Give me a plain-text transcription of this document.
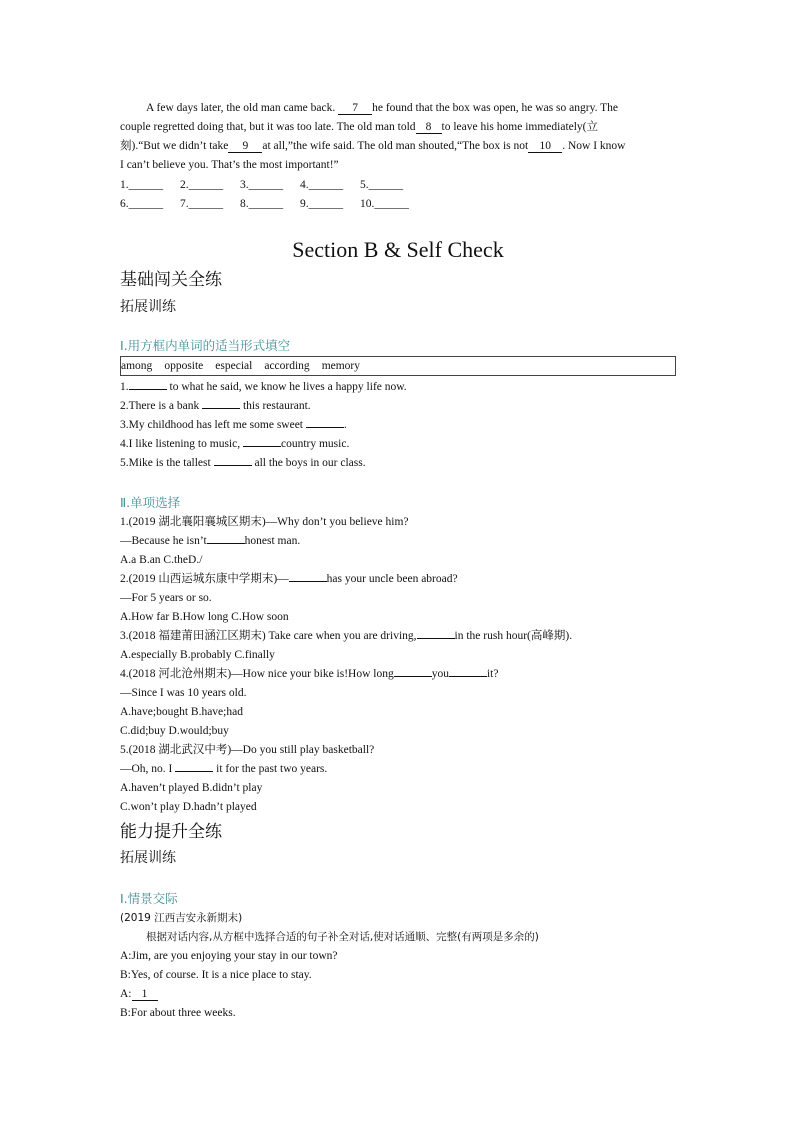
A few days later, the old man came back. 7 he found that the box was open, he was so angry. The
couple regretted doing that, but it was too late. The old man told 8 to leave his home immediately(立
刻).“But we didn’t take 9 at all,”the wife said. The old man shouted,“The box is not 10 . Now I know
I can’t believe you. That’s the most important!”
1.______ 2.______ 3.______ 4.______ 5.______
6.______ 7.______ 8.______ 9.______ 10.______
Section B & Self Check
基础闯关全练
拓展训练
Ⅰ.用方框内单词的适当形式填空
among opposite especial according memory
1.	to what he said, we know he lives a happy life now.
2.There is a bank	this restaurant.
3.My childhood has left me some sweet	.
4.I like listening to music,	country music.
5.Mike is the tallest	all the boys in our class.
Ⅱ.单项选择
1.(2019 湖北襄阳襄城区期末)—Why don’t you believe him?
—Because he isn’t	honest man.
A.a B.an C.theD./
2.(2019 山西运城东康中学期末)—	has your uncle been abroad?
—For 5 years or so.
A.How far B.How long C.How soon
3.(2018 福建莆田涵江区期末) Take care when you are driving,	in the rush hour(高峰期).
A.especially B.probably C.finally
4.(2018 河北沧州期末)—How nice your bike is!How long	you	it?
—Since I was 10 years old.
A.have;bought B.have;had
C.did;buy D.would;buy
5.(2018 湖北武汉中考)—Do you still play basketball?
—Oh, no. I	it for the past two years.
A.haven’t played B.didn’t play
C.won’t play D.hadn’t played
能力提升全练
拓展训练
Ⅰ.情景交际
(2019 江西吉安永新期末)
根据对话内容,从方框中选择合适的句子补全对话,使对话通顺、完整(有两项是多余的)
A:Jim, are you enjoying your stay in our town?
B:Yes, of course. It is a nice place to stay.
A: 1
B:For about three weeks.
